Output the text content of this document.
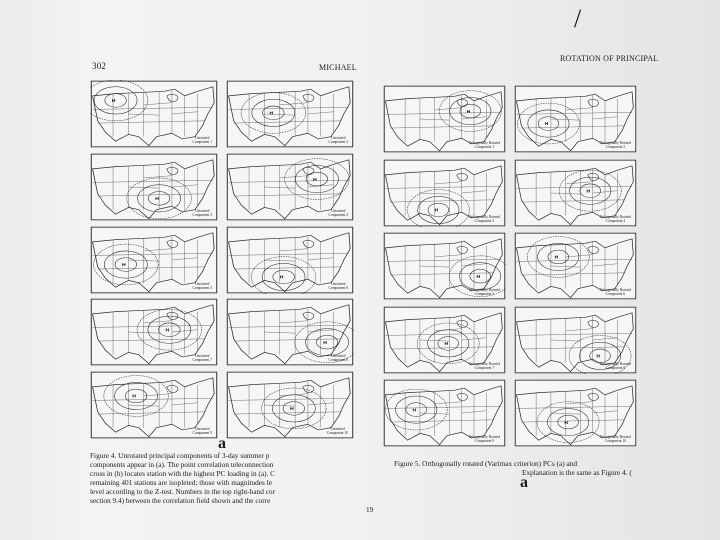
/
302	MICHAEL
ROTATION OF PRINCIPAL
H
Unrotated
Component 1
H
Unrotated
Component 2
H
Unrotated
Component 3
H
Unrotated
Component 4
H
Unrotated
Component 5
H
Unrotated
Component 6
H
Unrotated
Component 7
H
Unrotated
Component 8
H
Unrotated
Component 9
H
Unrotated
Component 10
a
Figure 4. Unrotated principal components of 3-day summer p
components appear in (a). The point correlation teleconnection
cross in (b) locates station with the highest PC loading in (a). C
remaining 401 stations are isopleted; those with magnitudes le
level according to the Z-test. Numbers in the top right-hand cor
section 9.4) between the correlation field shown and the corre
19
H
Orthogonally Rotated
Component 1
H
Orthogonally Rotated
Component 2
H
Orthogonally Rotated
Component 3
H
Orthogonally Rotated
Component 4
H
Orthogonally Rotated
Component 5
H
Orthogonally Rotated
Component 6
H
Orthogonally Rotated
Component 7
H
Orthogonally Rotated
Component 8
H
Orthogonally Rotated
Component 9
H
Orthogonally Rotated
Component 10
a
Figure 5. Orthogonally rotated (Varimax criterion) PCs (a) and
Explanation is the same as Figure 4. (
